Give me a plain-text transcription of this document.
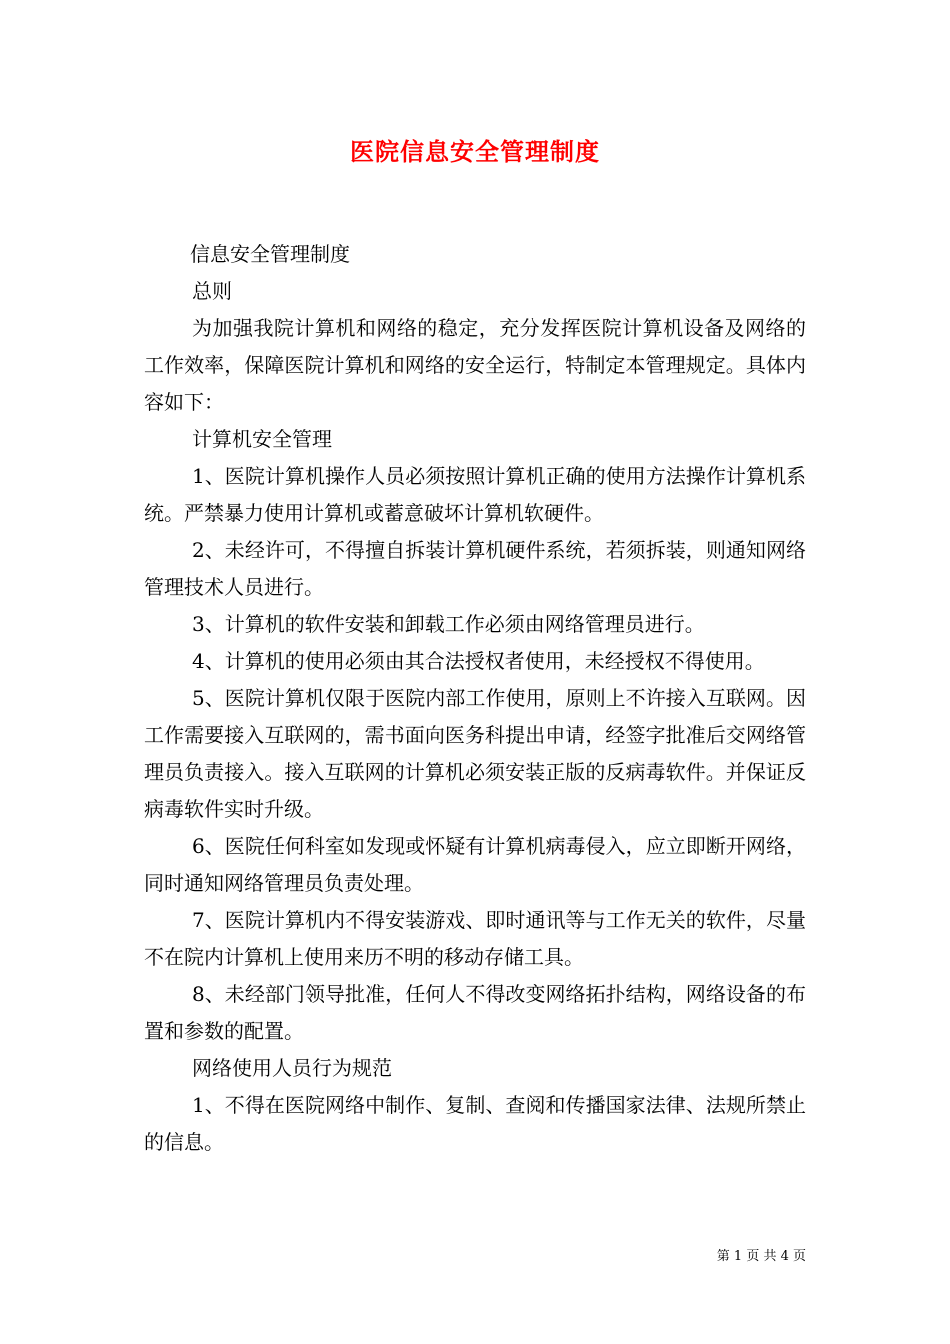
医院信息安全管理制度

信息安全管理制度

总则

为加强我院计算机和网络的稳定，充分发挥医院计算机设备及网络的工作效率，保障医院计算机和网络的安全运行，特制定本管理规定。具体内容如下：

计算机安全管理

1、医院计算机操作人员必须按照计算机正确的使用方法操作计算机系统。严禁暴力使用计算机或蓄意破坏计算机软硬件。

2、未经许可，不得擅自拆装计算机硬件系统，若须拆装，则通知网络管理技术人员进行。

3、计算机的软件安装和卸载工作必须由网络管理员进行。

4、计算机的使用必须由其合法授权者使用，未经授权不得使用。

5、医院计算机仅限于医院内部工作使用，原则上不许接入互联网。因工作需要接入互联网的，需书面向医务科提出申请，经签字批准后交网络管理员负责接入。接入互联网的计算机必须安装正版的反病毒软件。并保证反病毒软件实时升级。

6、医院任何科室如发现或怀疑有计算机病毒侵入，应立即断开网络，同时通知网络管理员负责处理。

7、医院计算机内不得安装游戏、即时通讯等与工作无关的软件，尽量不在院内计算机上使用来历不明的移动存储工具。

8、未经部门领导批准，任何人不得改变网络拓扑结构，网络设备的布置和参数的配置。

网络使用人员行为规范

1、不得在医院网络中制作、复制、查阅和传播国家法律、法规所禁止的信息。

第 1 页 共 4 页
